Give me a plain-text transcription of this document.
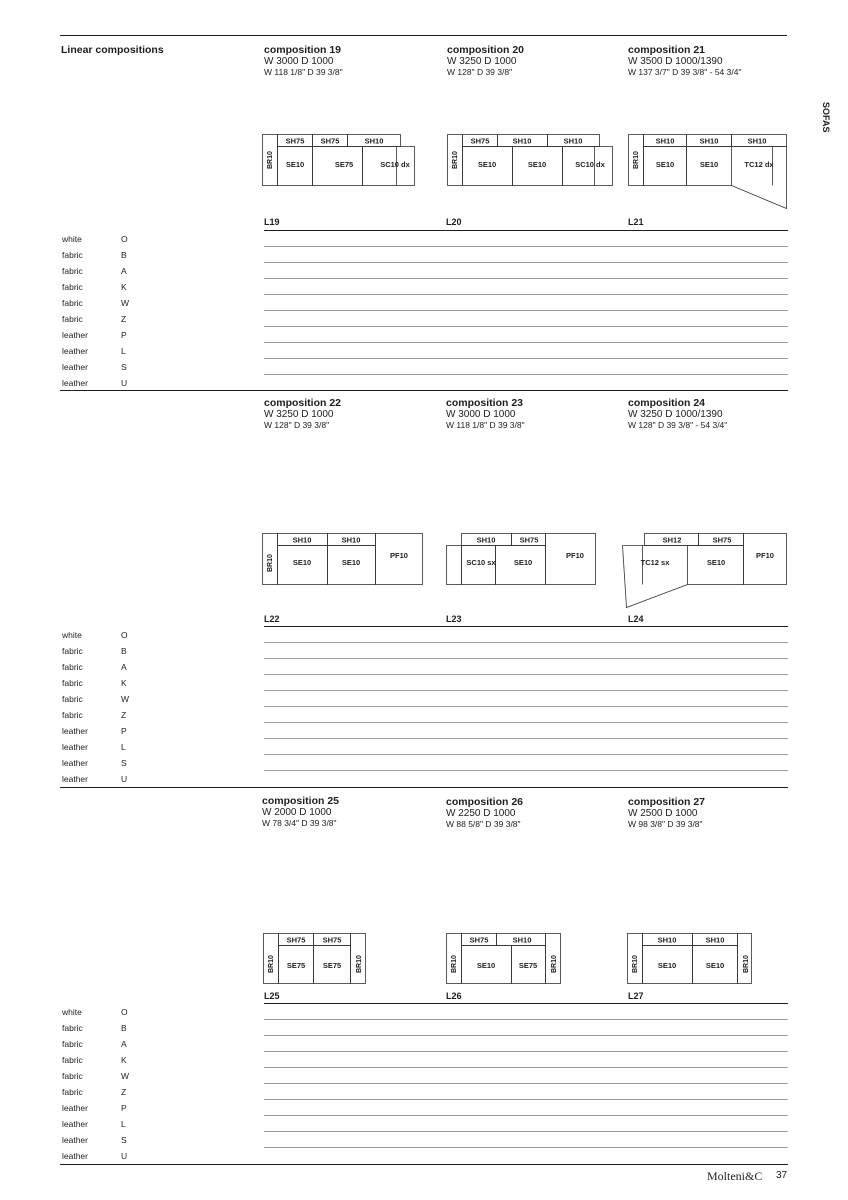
Linear compositions
SOFAS
composition 19
W 3000 D 1000
W 118 1/8" D 39 3/8"
composition 20
W 3250 D 1000
W 128" D 39 3/8"
composition 21
W 3500 D 1000/1390
W 137 3/7" D 39 3/8" - 54 3/4"
BR10
SH75 SH75	SH10
SE10	SE75	SC10 dx	BR10
SH75	SH10	SH10
SE10	SE10	SC10 dx	BR10
SH10	SH10	SH10
SE10	SE10	TC12 dx
L19	L20	L21
white	O
fabric	B
fabric	A
fabric	K
fabric	W
fabric	Z
leather	P
leather	L
leather	S
leather	U
composition 22
W 3250 D 1000
W 128" D 39 3/8"
composition 23
W 3000 D 1000
W 118 1/8" D 39 3/8"
composition 24
W 3250 D 1000/1390
W 128" D 39 3/8" - 54 3/4"
BR10
SH10	SH10
SE10	SE10
PF10
SH10	SH75
SC10 sx SE10
PF10
SH12	SH75
TC12 sx	SE10
PF10
L22	L23	L24
white	O
fabric	B
fabric	A
fabric	K
fabric	W
fabric	Z
leather	P
leather	L
leather	S
leather	U
composition 25
W 2000 D 1000
W 78 3/4" D 39 3/8"
composition 26
W 2250 D 1000
W 88 5/8" D 39 3/8"
composition 27
W 2500 D 1000
W 98 3/8" D 39 3/8"
BR10
SH75 SH75
SE75 SE75 BR10	BR10
SH75	SH10
SE10	SE75 BR10	BR10
SH10	SH10
SE10	SE10	BR10
L25	L26	L27
white	O
fabric	B
fabric	A
fabric	K
fabric	W
fabric	Z
leather	P
leather	L
leather	S
leather	U
Molteni&C 37
